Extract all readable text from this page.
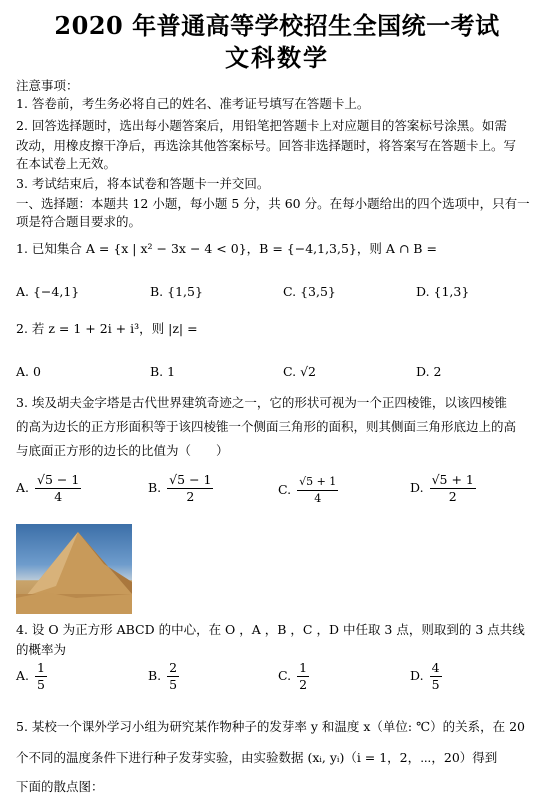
2020 年普通高等学校招生全国统一考试
文科数学
注意事项：
1. 答卷前，考生务必将自己的姓名、准考证号填写在答题卡上。
2. 回答选择题时，选出每小题答案后，用铅笔把答题卡上对应题目的答案标号涂黑。如需
改动，用橡皮擦干净后，再选涂其他答案标号。回答非选择题时，将答案写在答题卡上。写
在本试卷上无效。
3. 考试结束后，将本试卷和答题卡一并交回。
一、选择题：本题共 12 小题，每小题 5 分，共 60 分。在每小题给出的四个选项中，只有一
项是符合题目要求的。
1. 已知集合 A = {x | x² − 3x − 4 < 0}，B = {−4,1,3,5}，则 A ∩ B =
A. {−4,1}	B. {1,5}	C. {3,5}	D. {1,3}
2. 若 z = 1 + 2i + i³，则 |z| =
A. 0	B. 1	C. √2	D. 2
3. 埃及胡夫金字塔是古代世界建筑奇迹之一，它的形状可视为一个正四棱锥，以该四棱锥
的高为边长的正方形面积等于该四棱锥一个侧面三角形的面积，则其侧面三角形底边上的高
与底面正方形的边长的比值为（　　）
A. $\frac{√5 - 1}{4}$	B. $\frac{√5 - 1}{2}$	C. $\frac{√5 + 1}{4}$	D. $\frac{√5 + 1}{2}$
4. 设 O 为正方形 ABCD 的中心，在 O ，A ，B ，C ，D 中任取 3 点，则取到的 3 点共线
的概率为
A. $\frac{1}{5}$	B. $\frac{2}{5}$	C. $\frac{1}{2}$	D. $\frac{4}{5}$
5. 某校一个课外学习小组为研究某作物种子的发芽率 y 和温度 x（单位: ℃）的关系，在 20
个不同的温度条件下进行种子发芽实验，由实验数据 (xᵢ, yᵢ)（i = 1，2，⋯，20）得到
下面的散点图：
